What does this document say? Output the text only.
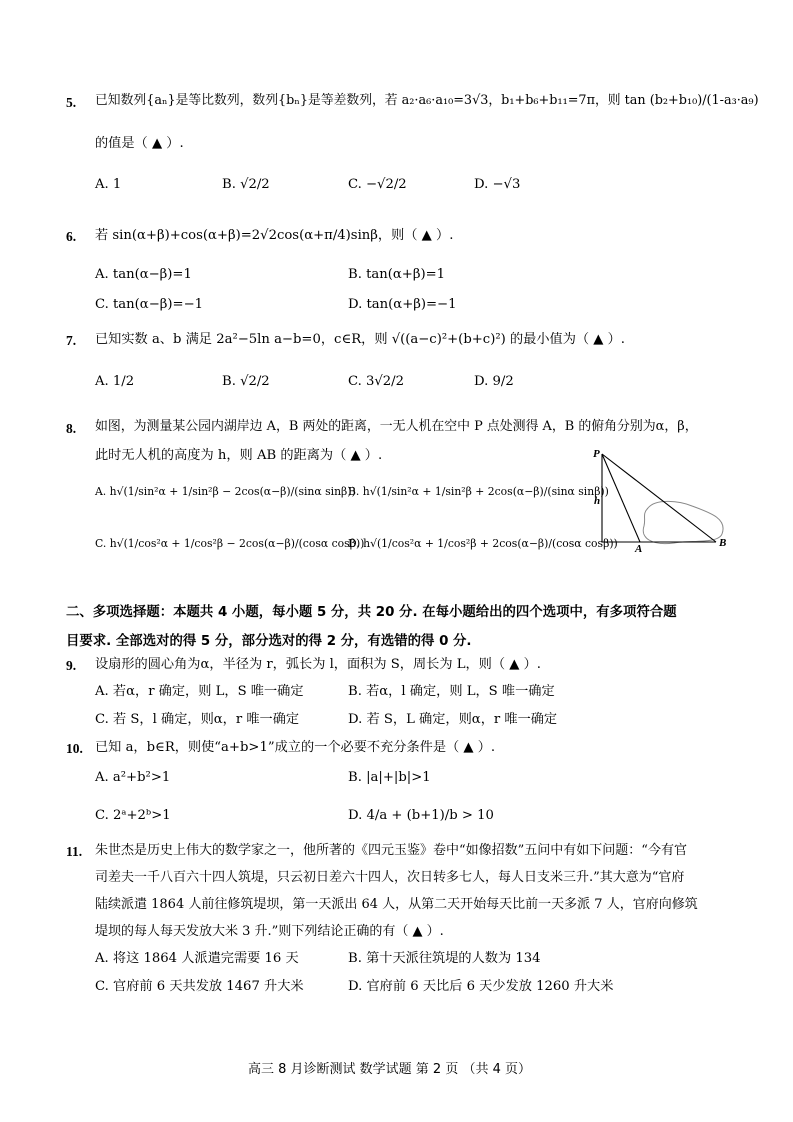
5. 已知数列{aₙ}是等比数列，数列{bₙ}是等差数列，若 a₂·a₆·a₁₀=3√3，b₁+b₆+b₁₁=7π，则 tan (b₂+b₁₀)/(1-a₃·a₉)
的值是（ ▲ ）.
A. 1	B. √2/2	C. −√2/2	D. −√3
6. 若 sin(α+β)+cos(α+β)=2√2cos(α+π/4)sinβ，则（ ▲ ）.
A. tan(α−β)=1	B. tan(α+β)=1
C. tan(α−β)=−1	D. tan(α+β)=−1
7. 已知实数 a、b 满足 2a²−5ln a−b=0，c∈R，则 √((a−c)²+(b+c)²) 的最小值为（ ▲ ）.
A. 1/2	B. √2/2	C. 3√2/2	D. 9/2
8. 如图，为测量某公园内湖岸边 A，B 两处的距离，一无人机在空中 P 点处测得 A，B 的俯角分别为α，β，
此时无人机的高度为 h，则 AB 的距离为（ ▲ ）.
A. h√(1/sin²α + 1/sin²β − 2cos(α−β)/(sinα sinβ))
B. h√(1/sin²α + 1/sin²β + 2cos(α−β)/(sinα sinβ))
C. h√(1/cos²α + 1/cos²β − 2cos(α−β)/(cosα cosβ))
D. h√(1/cos²α + 1/cos²β + 2cos(α−β)/(cosα cosβ))
P
h
A	B
二、多项选择题：本题共 4 小题，每小题 5 分，共 20 分. 在每小题给出的四个选项中，有多项符合题
目要求. 全部选对的得 5 分，部分选对的得 2 分，有选错的得 0 分.
9. 设扇形的圆心角为α，半径为 r，弧长为 l，面积为 S，周长为 L，则（ ▲ ）.
A. 若α，r 确定，则 L，S 唯一确定	B. 若α，l 确定，则 L，S 唯一确定
C. 若 S，l 确定，则α，r 唯一确定	D. 若 S，L 确定，则α，r 唯一确定
10. 已知 a，b∈R，则使“a+b>1”成立的一个必要不充分条件是（ ▲ ）.
A. a²+b²>1	B. |a|+|b|>1
C. 2ᵃ+2ᵇ>1	D. 4/a + (b+1)/b > 10
11. 朱世杰是历史上伟大的数学家之一，他所著的《四元玉鉴》卷中“如像招数”五问中有如下问题：“今有官
司差夫一千八百六十四人筑堤，只云初日差六十四人，次日转多七人，每人日支米三升.”其大意为“官府
陆续派遣 1864 人前往修筑堤坝，第一天派出 64 人，从第二天开始每天比前一天多派 7 人，官府向修筑
堤坝的每人每天发放大米 3 升.”则下列结论正确的有（ ▲ ）.
A. 将这 1864 人派遣完需要 16 天	B. 第十天派往筑堤的人数为 134
C. 官府前 6 天共发放 1467 升大米	D. 官府前 6 天比后 6 天少发放 1260 升大米
高三 8 月诊断测试 数学试题 第 2 页 （共 4 页）
